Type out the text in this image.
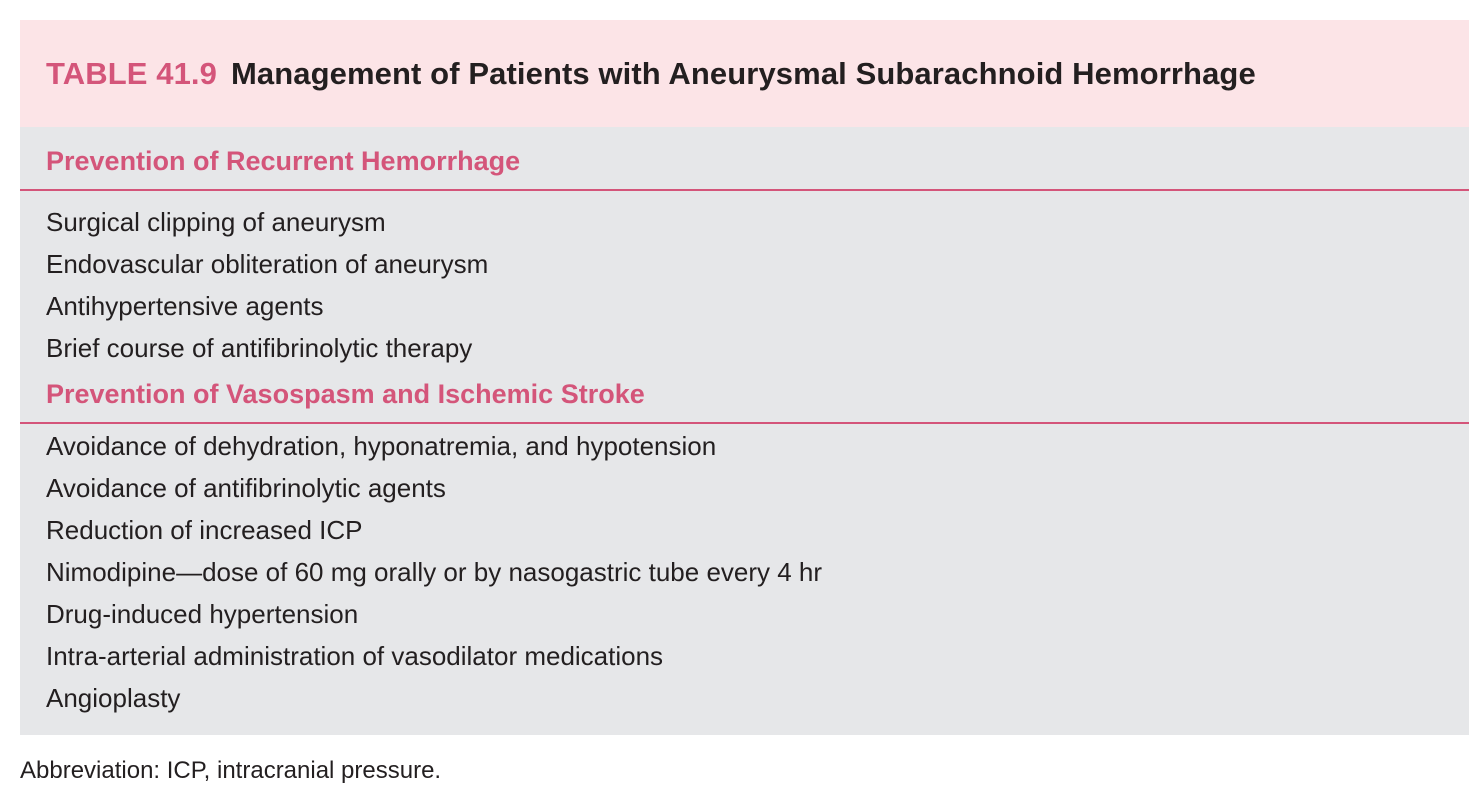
TABLE 41.9 Management of Patients with Aneurysmal Subarachnoid Hemorrhage
Prevention of Recurrent Hemorrhage
Surgical clipping of aneurysm
Endovascular obliteration of aneurysm
Antihypertensive agents
Brief course of antifibrinolytic therapy
Prevention of Vasospasm and Ischemic Stroke
Avoidance of dehydration, hyponatremia, and hypotension
Avoidance of antifibrinolytic agents
Reduction of increased ICP
Nimodipine—dose of 60 mg orally or by nasogastric tube every 4 hr
Drug-induced hypertension
Intra-arterial administration of vasodilator medications
Angioplasty
Abbreviation: ICP, intracranial pressure.
